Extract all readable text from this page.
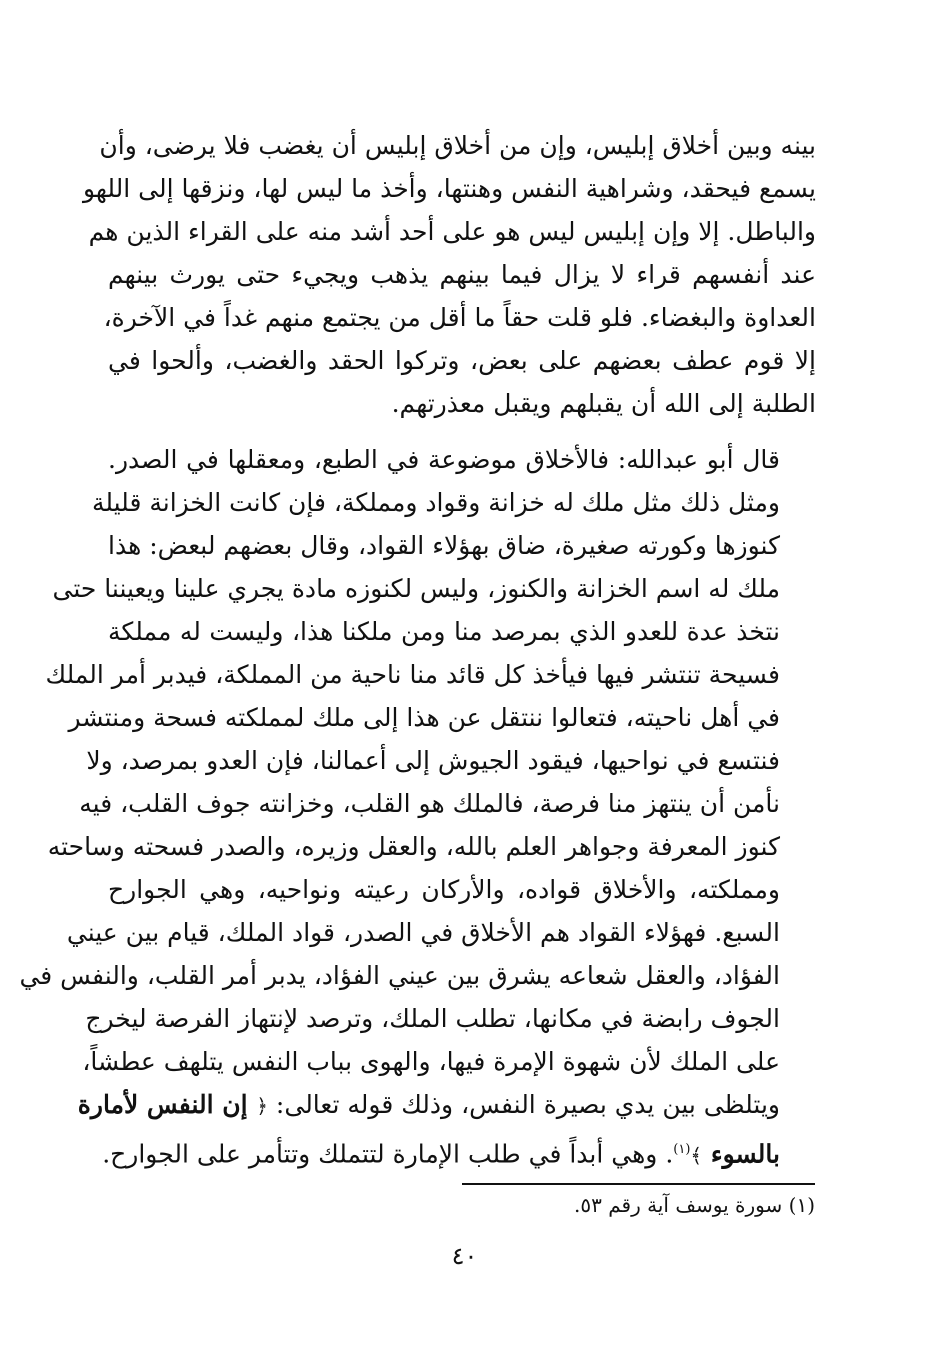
بينه وبين أخلاق إبليس، وإن من أخلاق إبليس أن يغضب فلا يرضى، وأن
يسمع فيحقد، وشراهية النفس وهنتها، وأخذ ما ليس لها، ونزقها إلى اللهو
والباطل. إلا وإن إبليس ليس هو على أحد أشد منه على القراء الذين هم
عند أنفسهم قراء لا يزال فيما بينهم يذهب ويجيء حتى يورث بينهم
العداوة والبغضاء. فلو قلت حقاً ما أقل من يجتمع منهم غداً في الآخرة،
إلا قوم عطف بعضهم على بعض، وتركوا الحقد والغضب، وألحوا في
الطلبة إلى الله أن يقبلهم ويقبل معذرتهم.
قال أبو عبدالله: فالأخلاق موضوعة في الطبع، ومعقلها في الصدر.
ومثل ذلك مثل ملك له خزانة وقواد ومملكة، فإن كانت الخزانة قليلة
كنوزها وكورته صغيرة، ضاق بهؤلاء القواد، وقال بعضهم لبعض: هذا
ملك له اسم الخزانة والكنوز، وليس لكنوزه مادة يجري علينا ويعيننا حتى
نتخذ عدة للعدو الذي بمرصد منا ومن ملكنا هذا، وليست له مملكة
فسيحة تنتشر فيها فيأخذ كل قائد منا ناحية من المملكة، فيدبر أمر الملك
في أهل ناحيته، فتعالوا ننتقل عن هذا إلى ملك لمملكته فسحة ومنتشر
فنتسع في نواحيها، فيقود الجيوش إلى أعمالنا، فإن العدو بمرصد، ولا
نأمن أن ينتهز منا فرصة، فالملك هو القلب، وخزانته جوف القلب، فيه
كنوز المعرفة وجواهر العلم بالله، والعقل وزيره، والصدر فسحته وساحته
ومملكته، والأخلاق قواده، والأركان رعيته ونواحيه، وهي الجوارح
السبع. فهؤلاء القواد هم الأخلاق في الصدر، قواد الملك، قيام بين عيني
الفؤاد، والعقل شعاعه يشرق بين عيني الفؤاد، يدبر أمر القلب، والنفس في
الجوف رابضة في مكانها، تطلب الملك، وترصد لإنتهاز الفرصة ليخرج
على الملك لأن شهوة الإمرة فيها، والهوى بباب النفس يتلهف عطشاً،
ويتلظى بين يدي بصيرة النفس، وذلك قوله تعالى: ﴿ إن النفس لأمارة
بالسوء ﴾$^{(١)}$. وهي أبداً في طلب الإمارة لتتملك وتتأمر على الجوارح.
(١) سورة يوسف آية رقم ٥٣.
٤٠
